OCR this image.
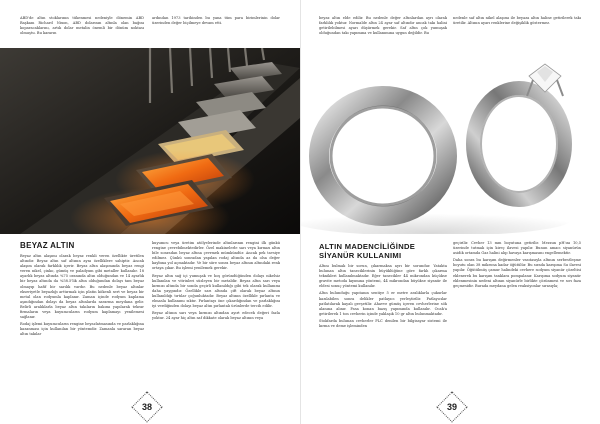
ABD'de altın stoklarının tükenmesi nedeniyle dönemin ABD Başkanı Richard Nixon, ABD dolarının altınla olan bağını koparacaklarını, artık dolar metalin önemli bir dönüm noktası olmuştu. Bu kararın
ardından 1973 tarihinden bu yana tüm para birimlerinin dolar üzerinden değer biçilmeye devam etti.
BEYAZ ALTIN

Beyaz altın alaşımı olarak beyaz renkli veren özellikte üretilen altındır. Beyaz altın saf altının aynı özelliklere sahiptir. Ancak alaşım olarak farklılık içerir. Beyaz altın alaşımında beyaz rengi veren nikel, çinko, gümüş ve paladyum gibi metaller kullanılır. 18 ayarlık beyaz altında %75 oranında altın olduğundan ve 14 ayarlık bir beyaz altında da %58.5'lik altın olduğundan dolayı tam beyaz olmayıp hafif bir sarılık vardır. Bu nedenle beyaz altınlar ekseriyetle beyazlığı arttırmak için platin kökenli sert ve beyaz bir metal olan rodyumla kaplanır. Zaman içinde rodyum kaplama aşındığından dolayı da beyaz altınlarda sararma meydana gelir. Belirli aralıklarla beyaz altın takıların bakımı yapılarak tekrar firmaların veya kuyumcuların rodyum kaplamayı yenilemesi sağlanır.

Rodaj işlemi kuyumcuların rengine beyazlatmasında ve parlaklığına kazanması için kullanılan bir yöntemdir. Zamanla sararan beyaz altın takılar

kuyumcu veya üretim atölyelerinde altınlarının rengini ilk günkü rengine çevrebilmektedirler. Özel makinelerle sarı veya kırmızı altın bile sonradan beyaz altına çevrmek mümkündür. Ancak pek tavsiye edilmez. Çünkü sonradan yapılan rodaj altında az da olsa değer kaybına yol açmaktadır. Ve bir süre sonra beyaz altının altındaki renk ortaya çıkar. Bu işlemi yenilemek gerekir.

Beyaz altın sağ içi yumuşak ve hoş göründüğünden dolayı nikelsiz kullanılan ve vitrinleri süsleyen bir metaldir. Beyaz altın sarı veya kırmızı altında bir sonda geçirli kullanıldığı gibi tek olarak kullanımı daha yaygındır. Özellikle sarı altında çift olarak beyaz altının kullanıldığı tırtılar çoğunluktadır. Beyaz altının özellikle pırlanta ve elmasla kullanımı sıktır. Pırlantayı öne çıkardığından ve parlaklığını iyi verdiğinden dolayı beyaz altın pırlantalı ürünlerde tercih edilir.

Beyaz altının sarı veya kırmızı altından ayırt edecek değeri fazla yoktur. 24 ayar hiç altın saf dikkate olarak beyaz altının veya

38
beyaz altın elde edilir. Bu nedenle değer altınlardan ayrı olarak farklılık yoktur. Normalde altın 24 ayar saf altındır ancak takı halini getirilebilmesi ayarı düşürmek gerekir. Saf altın çok yumuşak olduğundan takı yapımına ve kullanımına uygun değildir. Bu
nedenle saf altın nikel alaşımı ile beyaza altın haline getirilerek takı üretilir. Altının ayarı renklerine değişiklik göstermez.
ALTIN MADENCİLİĞİNDE
SİYANÜR KULLANIMI

Altını bulmak bir sorun, çıkarmaksa ayrı bir sorundur. Yatakta bulunan altın taneciklerinin büyüklüğüne göre farklı çıkarma teknikleri kullanılmaktadır. Eğer tanecikler 44 mikrondan küçükse gravite metoda kıyımına yöntemi, 44 mikrondan büyükse siyanür ile eldesi sonuç yöntemi kullanılır.

Altın bulunduğu yapıtanın sentiye 5 er metre aralıklarla çukurlar kazılabilen sonra delikler patlayıcı yerleştirilir. Patlayıcılar patlatılarak kayalı gevşetilir. Ahavve gümüş içeren cevherlerine sök alanına alınır. Pasa konan bazış yapımında kullanılır. Ocak'a getirilerek 1 ton cevherin içinde yaklaşık 10 gr altın bulunmaktadır.

Stokfarda bulunan cevherler PLC denilen bir bilgisayar sistemi ile kırma ve deme işleminden

geçirilir. Cevher 13 mm boyutuna getirilir. Mezzun pH'ını 10,5 üzerinde tutmak için kireç ilavesi yapılır. Bunun amacı siyanürün asidik ortamda Gaz halini alıp havaya karışmasını engellemektir.

Daha sonra bu karışım değirmenler vasıtasıyla altının serbestleşme boyutu olan 38 mikrona kadar öğütülür. Bu sırada karışıma Su ilavesi yapılır. Öğütülmüş çamur halindeki cevhere sodyum siyanür çözeltisi eklenerek bu karışım tanklara pompalanır. Karışıma sodyum siyanür eklenmesinin nedeni altının siyanürle birlikte çözünmesi ve sıvı faza geçmesidir. Burada meydana gelen reaksiyonlar sırasıyla;

39
